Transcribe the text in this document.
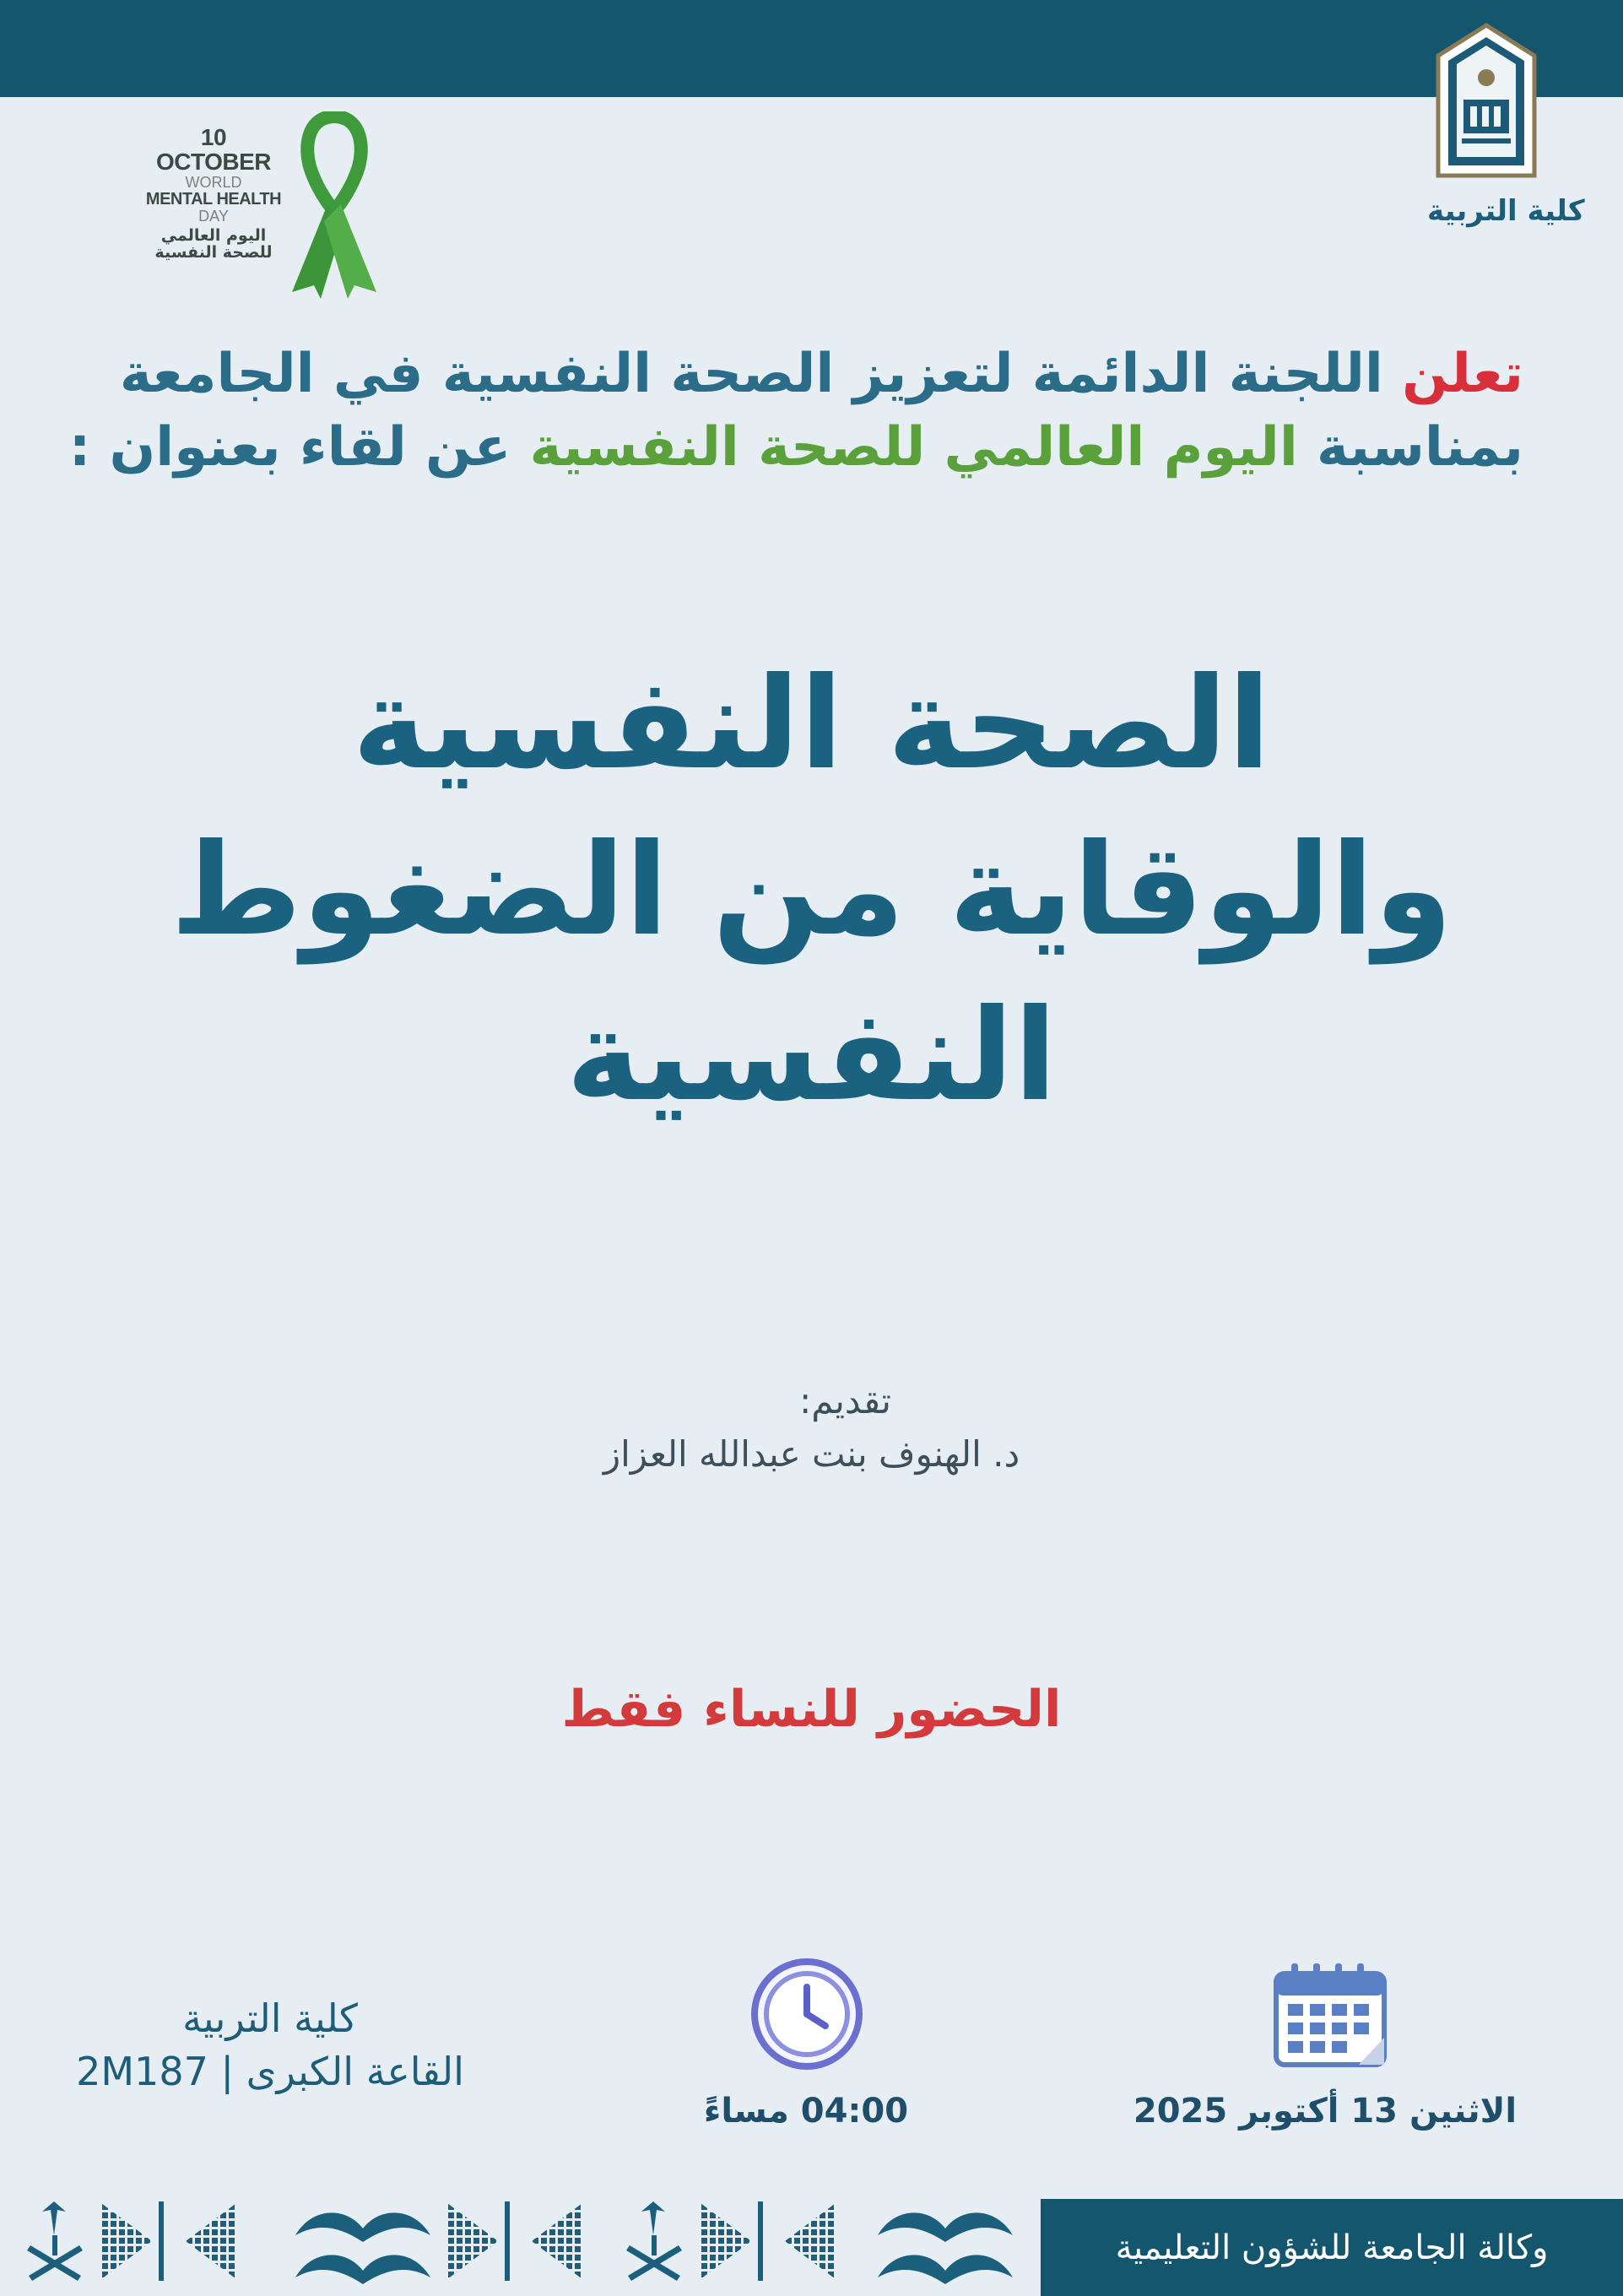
كلية التربية
10 OCTOBER
WORLD
MENTAL HEALTH
DAY
اليوم العالمي
للصحة النفسية
تعلن اللجنة الدائمة لتعزيز الصحة النفسية في الجامعة
بمناسبة اليوم العالمي للصحة النفسية عن لقاء بعنوان :
الصحة النفسية
والوقاية من الضغوط
النفسية
تقديم:
د. الهنوف بنت عبدالله العزاز
الحضور للنساء فقط
الاثنين 13 أكتوبر 2025
04:00 مساءً
كلية التربية
القاعة الكبرى | 2M187
وكالة الجامعة للشؤون التعليمية
